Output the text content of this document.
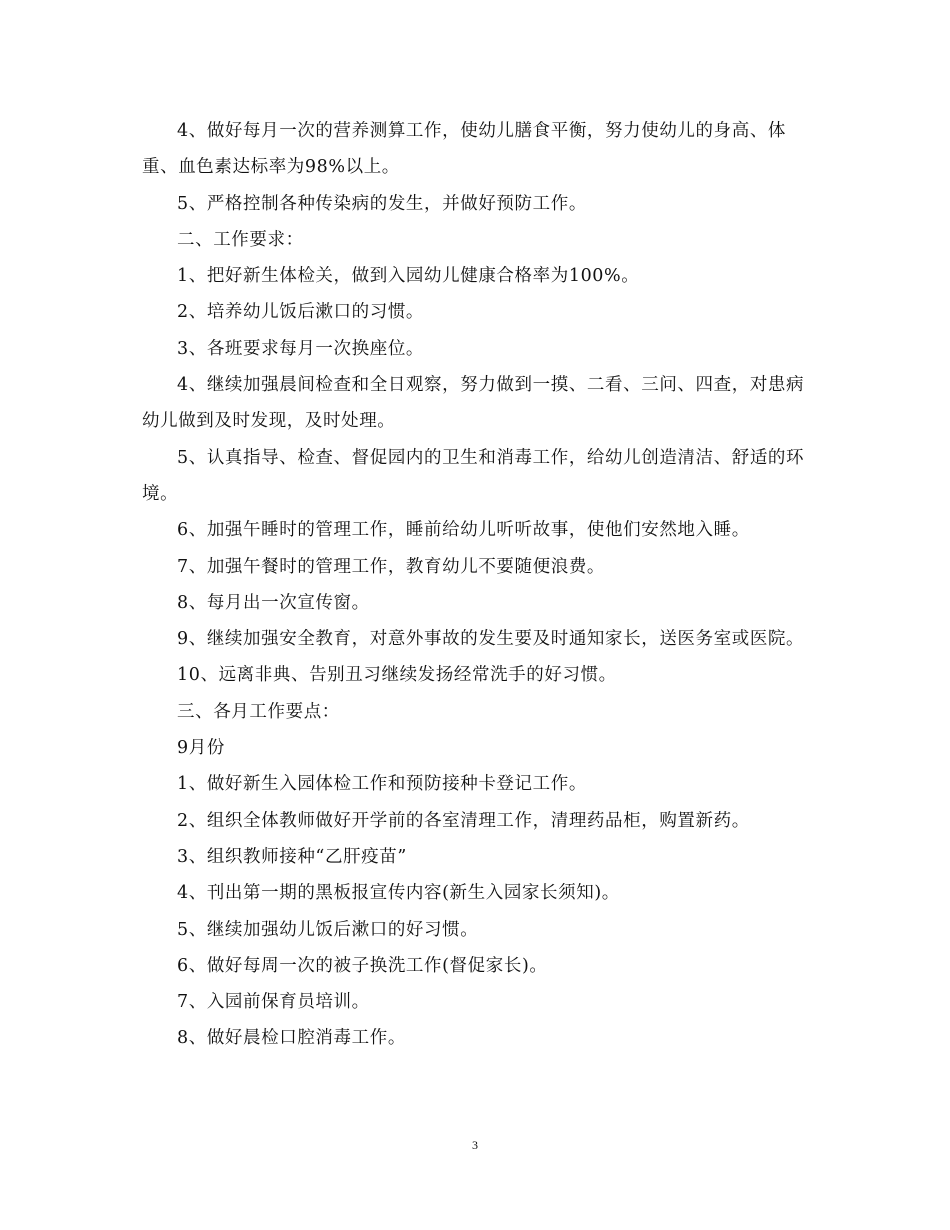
4、做好每月一次的营养测算工作，使幼儿膳食平衡，努力使幼儿的身高、体重、血色素达标率为98%以上。

5、严格控制各种传染病的发生，并做好预防工作。

二、工作要求：

1、把好新生体检关，做到入园幼儿健康合格率为100%。

2、培养幼儿饭后漱口的习惯。

3、各班要求每月一次换座位。

4、继续加强晨间检查和全日观察，努力做到一摸、二看、三问、四查，对患病幼儿做到及时发现，及时处理。

5、认真指导、检查、督促园内的卫生和消毒工作，给幼儿创造清洁、舒适的环境。

6、加强午睡时的管理工作，睡前给幼儿听听故事，使他们安然地入睡。

7、加强午餐时的管理工作，教育幼儿不要随便浪费。

8、每月出一次宣传窗。

9、继续加强安全教育，对意外事故的发生要及时通知家长，送医务室或医院。

10、远离非典、告别丑习继续发扬经常洗手的好习惯。

三、各月工作要点：

9月份

1、做好新生入园体检工作和预防接种卡登记工作。

2、组织全体教师做好开学前的各室清理工作，清理药品柜，购置新药。

3、组织教师接种“乙肝疫苗”

4、刊出第一期的黑板报宣传内容(新生入园家长须知)。

5、继续加强幼儿饭后漱口的好习惯。

6、做好每周一次的被子换洗工作(督促家长)。

7、入园前保育员培训。

8、做好晨检口腔消毒工作。

3
